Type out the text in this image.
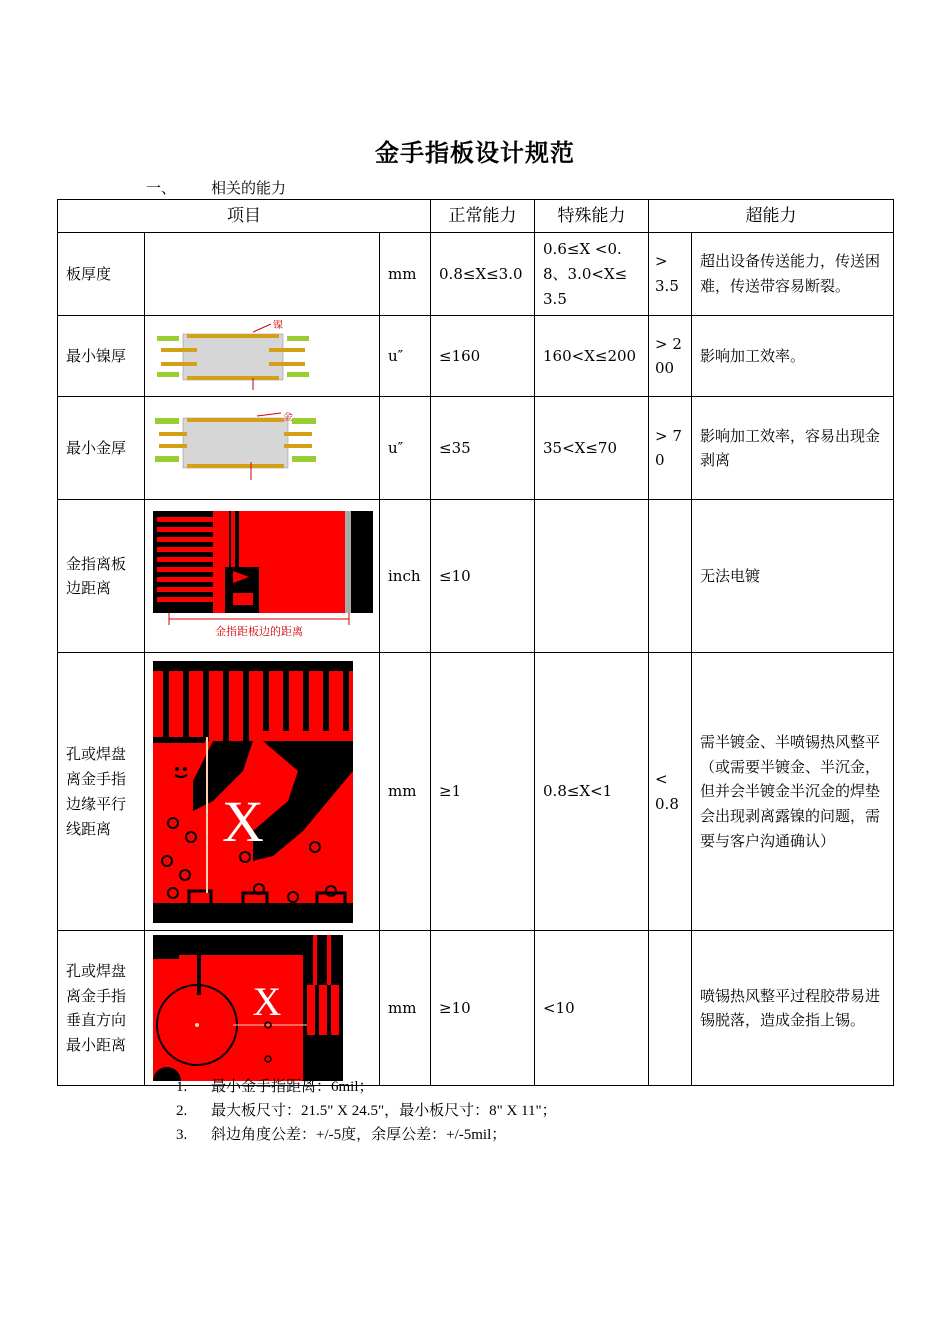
金手指板设计规范
一、 相关的能力
项目			正常能力	特殊能力	超能力	
板厚度		mm	0.8≤X≤3.0	0.6≤X <0.8、3.0<X≤3.5	> 3.5	超出设备传送能力，传送困难，传送带容易断裂。
最小镍厚	镍	u″	≤160	160<X≤200	> 200	影响加工效率。
最小金厚	金	u″	≤35	35<X≤70	> 70	影响加工效率，容易出现金剥离
金指离板边距离	金指距板边的距离	inch	≤10			无法电镀
孔或焊盘离金手指边缘平行线距离	X	mm	≥1	0.8≤X<1	< 0.8	需半镀金、半喷锡热风整平（或需要半镀金、半沉金，但并会半镀金半沉金的焊垫会出现剥离露镍的问题，需要与客户沟通确认）
孔或焊盘离金手指垂直方向最小距离	X	mm	≥10	<10		喷锡热风整平过程胶带易进锡脱落，造成金指上锡。
1. 最小金手指距离：6mil；
2. 最大板尺寸：21.5" X 24.5"，最小板尺寸：8" X 11"；
3. 斜边角度公差：+/-5度，余厚公差：+/-5mil；
